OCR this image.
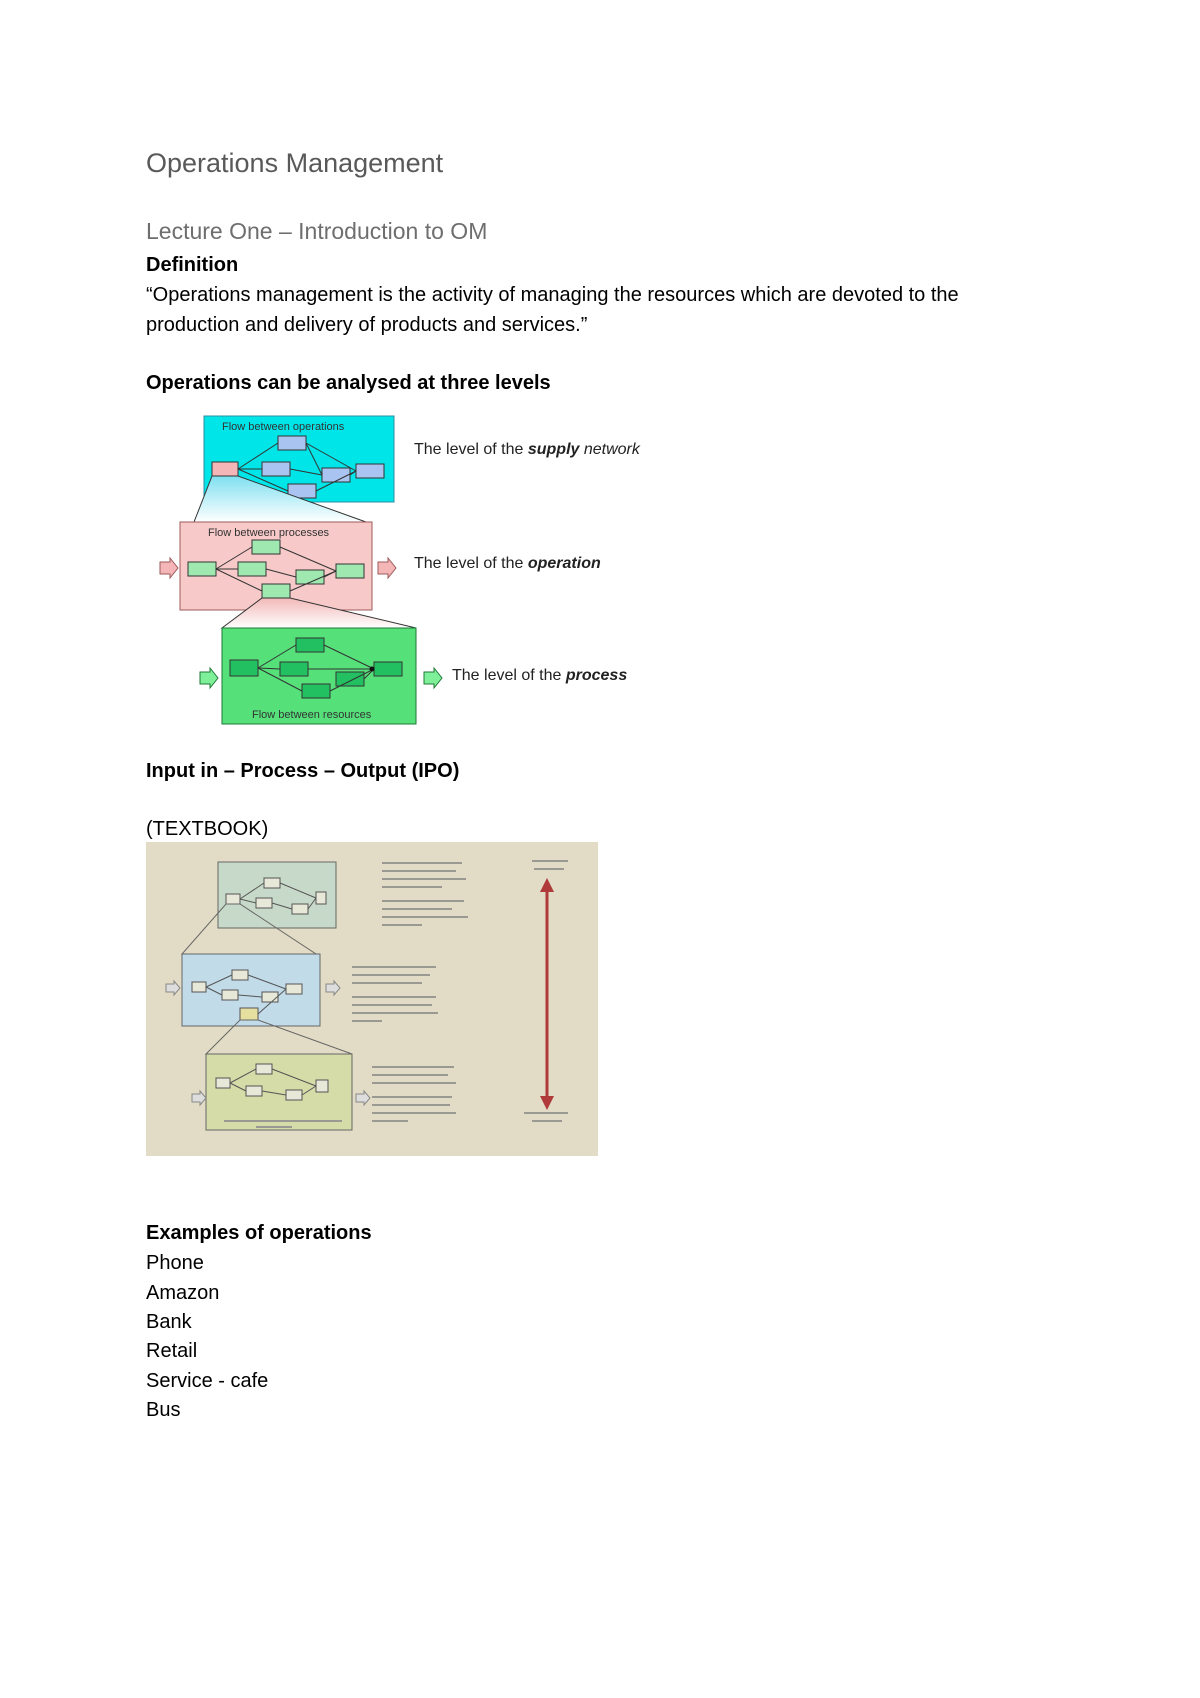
Operations Management
Lecture One – Introduction to OM
Definition
“Operations management is the activity of managing the resources which are devoted to the
production and delivery of products and services.”
Operations can be analysed at three levels
Flow between operations
Flow between processes
Flow between resources
The level of the supply network
The level of the operation
The level of the process
Input in – Process – Output (IPO)
(TEXTBOOK)
Examples of operations
Phone
Amazon
Bank
Retail
Service - cafe
Bus
